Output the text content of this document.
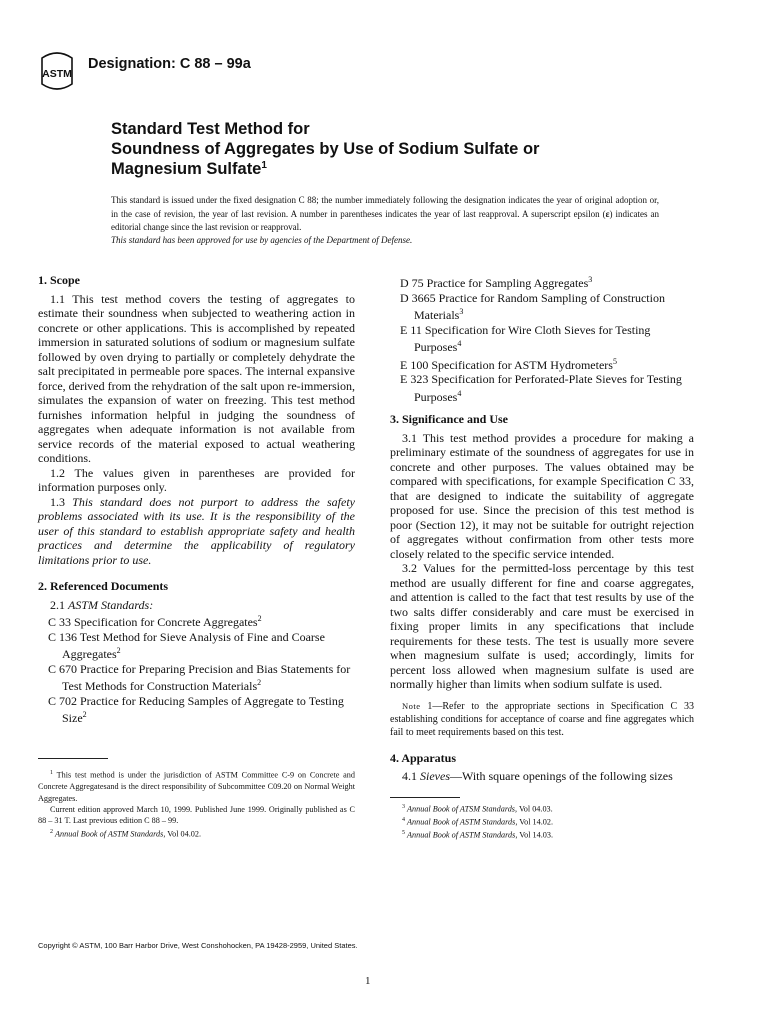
ASTM
Designation: C 88 – 99a
Standard Test Method for
Soundness of Aggregates by Use of Sodium Sulfate or
Magnesium Sulfate$^1$
This standard is issued under the fixed designation C 88; the number immediately following the designation indicates the year of original adoption or, in the case of revision, the year of last revision. A number in parentheses indicates the year of last reapproval. A superscript epsilon (ε) indicates an editorial change since the last revision or reapproval.
This standard has been approved for use by agencies of the Department of Defense.
1. Scope

1.1 This test method covers the testing of aggregates to estimate their soundness when subjected to weathering action in concrete or other applications. This is accomplished by repeated immersion in saturated solutions of sodium or magnesium sulfate followed by oven drying to partially or completely dehydrate the salt precipitated in permeable pore spaces. The internal expansive force, derived from the rehydration of the salt upon re-immersion, simulates the expansion of water on freezing. This test method furnishes information helpful in judging the soundness of aggregates when adequate information is not available from service records of the material exposed to actual weathering conditions.

1.2 The values given in parentheses are provided for information purposes only.

1.3 This standard does not purport to address the safety problems associated with its use. It is the responsibility of the user of this standard to establish appropriate safety and health practices and determine the applicability of regulatory limitations prior to use.

2. Referenced Documents

2.1 ASTM Standards:

C 33 Specification for Concrete Aggregates$^2$
C 136 Test Method for Sieve Analysis of Fine and Coarse Aggregates$^2$
C 670 Practice for Preparing Precision and Bias Statements for Test Methods for Construction Materials$^2$
C 702 Practice for Reducing Samples of Aggregate to Testing Size$^2$
D 75 Practice for Sampling Aggregates$^3$
D 3665 Practice for Random Sampling of Construction Materials$^3$
E 11 Specification for Wire Cloth Sieves for Testing Purposes$^4$
E 100 Specification for ASTM Hydrometers$^5$
E 323 Specification for Perforated-Plate Sieves for Testing Purposes$^4$
3. Significance and Use

3.1 This test method provides a procedure for making a preliminary estimate of the soundness of aggregates for use in concrete and other purposes. The values obtained may be compared with specifications, for example Specification C 33, that are designed to indicate the suitability of aggregate proposed for use. Since the precision of this test method is poor (Section 12), it may not be suitable for outright rejection of aggregates without confirmation from other tests more closely related to the specific service intended.

3.2 Values for the permitted-loss percentage by this test method are usually different for fine and coarse aggregates, and attention is called to the fact that test results by use of the two salts differ considerably and care must be exercised in fixing proper limits in any specifications that include requirements for these tests. The test is usually more severe when magnesium sulfate is used; accordingly, limits for percent loss allowed when magnesium sulfate is used are normally higher than limits when sodium sulfate is used.

Note 1—Refer to the appropriate sections in Specification C 33 establishing conditions for acceptance of coarse and fine aggregates which fail to meet requirements based on this test.

4. Apparatus

4.1 Sieves—With square openings of the following sizes

$^1$ This test method is under the jurisdiction of ASTM Committee C-9 on Concrete and Concrete Aggregatesand is the direct responsibility of Subcommittee C09.20 on Normal Weight Aggregates.
Current edition approved March 10, 1999. Published June 1999. Originally published as C 88 – 31 T. Last previous edition C 88 – 99.
$^2$ Annual Book of ASTM Standards, Vol 04.02.
$^3$ Annual Book of ATSM Standards, Vol 04.03.
$^4$ Annual Book of ASTM Standards, Vol 14.02.
$^5$ Annual Book of ASTM Standards, Vol 14.03.
Copyright © ASTM, 100 Barr Harbor Drive, West Conshohocken, PA 19428-2959, United States.
1
